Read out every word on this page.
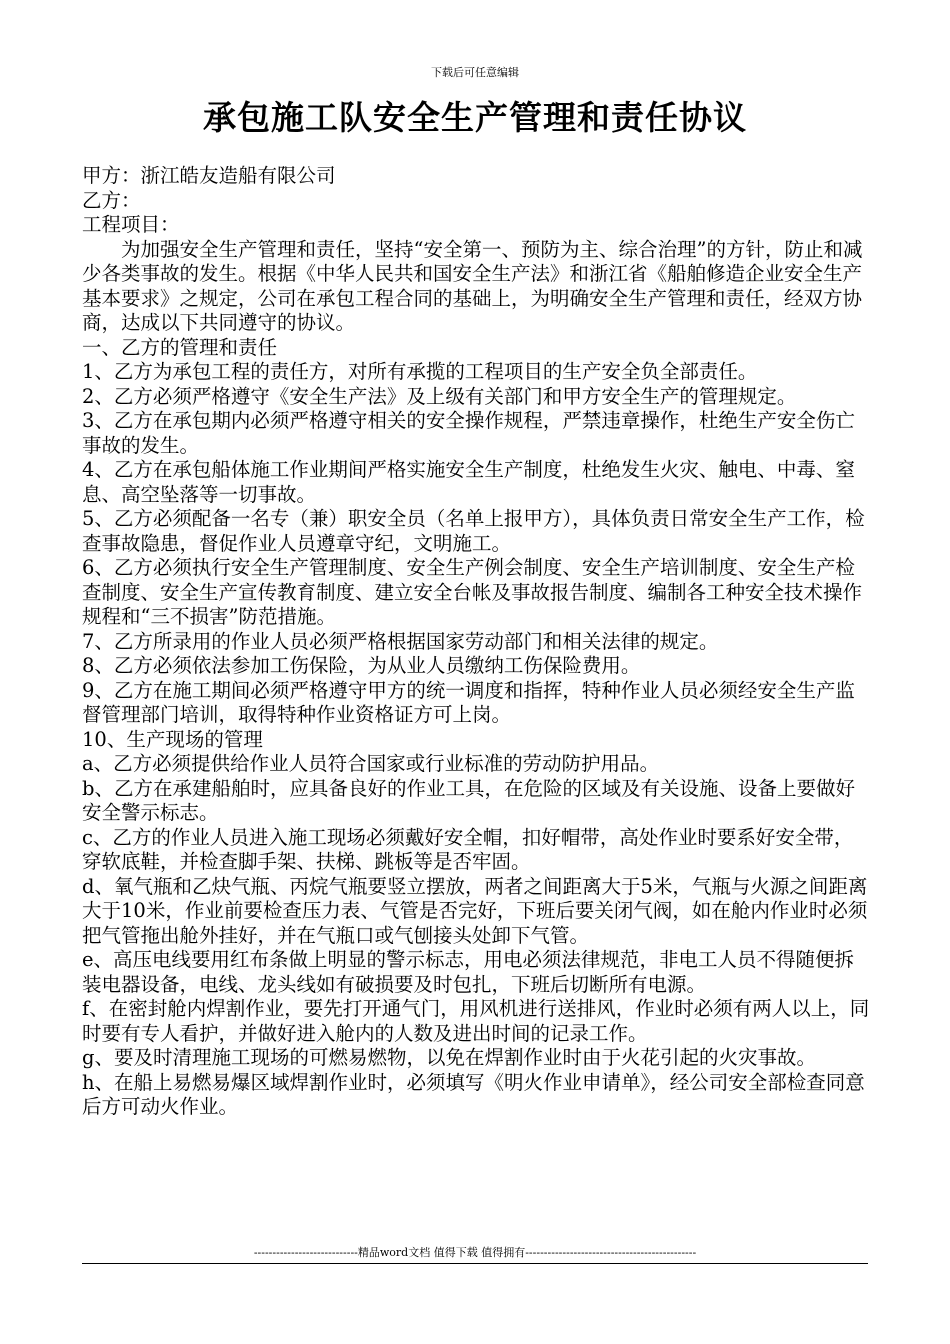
下载后可任意编辑
承包施工队安全生产管理和责任协议

甲方：浙江皓友造船有限公司

乙方：

工程项目：

为加强安全生产管理和责任，坚持“安全第一、预防为主、综合治理”的方针，防止和减少各类事故的发生。根据《中华人民共和国安全生产法》和浙江省《船舶修造企业安全生产基本要求》之规定，公司在承包工程合同的基础上，为明确安全生产管理和责任，经双方协商，达成以下共同遵守的协议。

一、乙方的管理和责任

1、乙方为承包工程的责任方，对所有承揽的工程项目的生产安全负全部责任。

2、乙方必须严格遵守《安全生产法》及上级有关部门和甲方安全生产的管理规定。

3、乙方在承包期内必须严格遵守相关的安全操作规程，严禁违章操作，杜绝生产安全伤亡事故的发生。

4、乙方在承包船体施工作业期间严格实施安全生产制度，杜绝发生火灾、触电、中毒、窒息、高空坠落等一切事故。

5、乙方必须配备一名专（兼）职安全员（名单上报甲方），具体负责日常安全生产工作，检查事故隐患，督促作业人员遵章守纪，文明施工。

6、乙方必须执行安全生产管理制度、安全生产例会制度、安全生产培训制度、安全生产检查制度、安全生产宣传教育制度、建立安全台帐及事故报告制度、编制各工种安全技术操作规程和“三不损害”防范措施。

7、乙方所录用的作业人员必须严格根据国家劳动部门和相关法律的规定。

8、乙方必须依法参加工伤保险，为从业人员缴纳工伤保险费用。

9、乙方在施工期间必须严格遵守甲方的统一调度和指挥，特种作业人员必须经安全生产监督管理部门培训，取得特种作业资格证方可上岗。

10、生产现场的管理

a、乙方必须提供给作业人员符合国家或行业标准的劳动防护用品。

b、乙方在承建船舶时，应具备良好的作业工具，在危险的区域及有关设施、设备上要做好安全警示标志。

c、乙方的作业人员进入施工现场必须戴好安全帽，扣好帽带，高处作业时要系好安全带，穿软底鞋，并检查脚手架、扶梯、跳板等是否牢固。

d、氧气瓶和乙炔气瓶、丙烷气瓶要竖立摆放，两者之间距离大于5米，气瓶与火源之间距离大于10米，作业前要检查压力表、气管是否完好，下班后要关闭气阀，如在舱内作业时必须把气管拖出舱外挂好，并在气瓶口或气刨接头处卸下气管。

e、高压电线要用红布条做上明显的警示标志，用电必须法律规范，非电工人员不得随便拆装电器设备，电线、龙头线如有破损要及时包扎，下班后切断所有电源。

f、在密封舱内焊割作业，要先打开通气门，用风机进行送排风，作业时必须有两人以上，同时要有专人看护，并做好进入舱内的人数及进出时间的记录工作。

g、要及时清理施工现场的可燃易燃物，以免在焊割作业时由于火花引起的火灾事故。

h、在船上易燃易爆区域焊割作业时，必须填写《明火作业申请单》，经公司安全部检查同意后方可动火作业。

----------------------------精品word文档 值得下载 值得拥有----------------------------------------------
